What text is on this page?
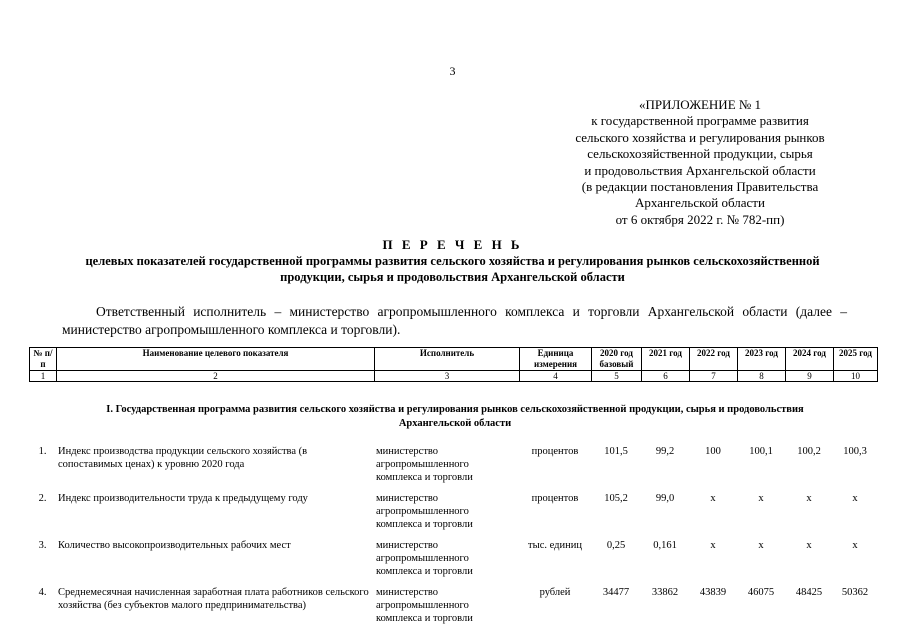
3
«ПРИЛОЖЕНИЕ № 1
к государственной программе развития
сельского хозяйства и регулирования рынков
сельскохозяйственной продукции, сырья
и продовольствия Архангельской области
(в редакции постановления Правительства
Архангельской области
от 6 октября 2022 г. № 782-пп)
П Е Р Е Ч Е Н Ь
целевых показателей государственной программы развития сельского хозяйства и регулирования рынков сельскохозяйственной продукции, сырья и продовольствия Архангельской области
Ответственный исполнитель – министерство агропромышленного комплекса и торговли Архангельской области (далее – министерство агропромышленного комплекса и торговли).
№ п/п	Наименование целевого показателя	Исполнитель	Единица измерения	2020 год базовый	2021 год	2022 год	2023 год	2024 год	2025 год
1	2	3	4	5	6	7	8	9	10
I. Государственная программа развития сельского хозяйства и регулирования рынков сельскохозяйственной продукции, сырья и продовольствия Архангельской области
1.	Индекс производства продукции сельского хозяйства (в сопоставимых ценах) к уровню 2020 года	министерство агропромышленного комплекса и торговли	процентов	101,5	99,2	100	100,1	100,2	100,3
2.	Индекс производительности труда к предыдущему году	министерство агропромышленного комплекса и торговли	процентов	105,2	99,0	x	x	x	x
3.	Количество высокопроизводительных рабочих мест	министерство агропромышленного комплекса и торговли	тыс. единиц	0,25	0,161	x	x	x	x
4.	Среднемесячная начисленная заработная плата работников сельского хозяйства (без субъектов малого предпринимательства)	министерство агропромышленного комплекса и торговли	рублей	34477	33862	43839	46075	48425	50362
